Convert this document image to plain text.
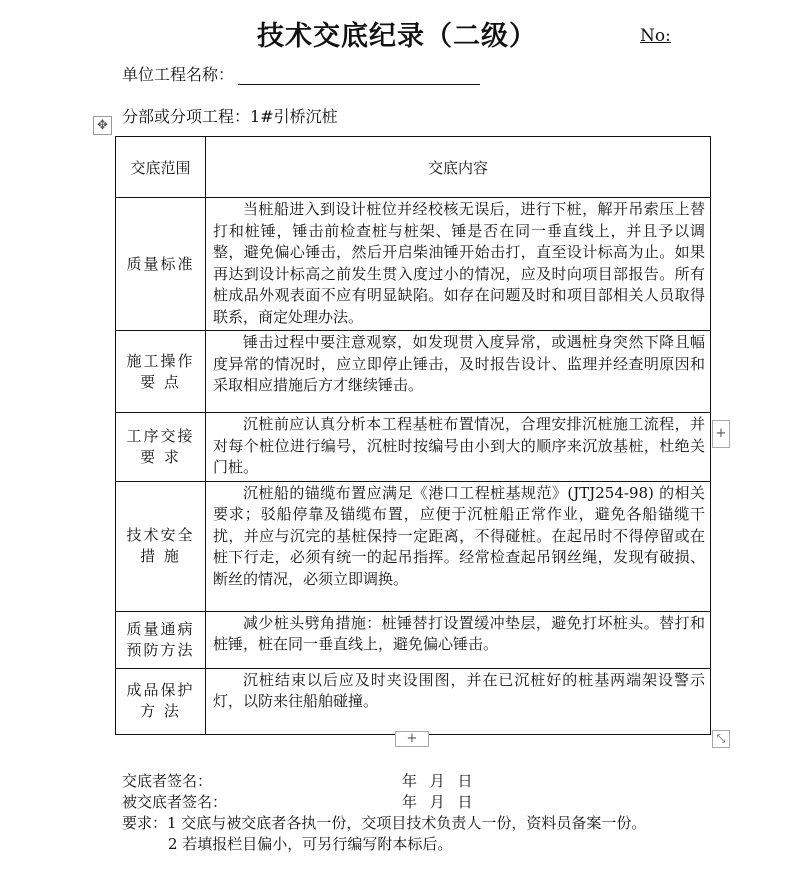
技术交底纪录（二级）	No:
单位工程名称：
分部或分项工程：1#引桥沉桩
✥
交底范围	交底内容
质量标准	当桩船进入到设计桩位并经校核无误后，进行下桩，解开吊索压上替打和桩锤，锤击前检查桩与桩架、锤是否在同一垂直线上，并且予以调整，避免偏心锤击，然后开启柴油锤开始击打，直至设计标高为止。如果再达到设计标高之前发生贯入度过小的情况，应及时向项目部报告。所有桩成品外观表面不应有明显缺陷。如存在问题及时和项目部相关人员取得联系，商定处理办法。
施工操作要 点	锤击过程中要注意观察，如发现贯入度异常，或遇桩身突然下降且幅度异常的情况时，应立即停止锤击，及时报告设计、监理并经查明原因和采取相应措施后方才继续锤击。
工序交接要 求	沉桩前应认真分析本工程基桩布置情况，合理安排沉桩施工流程，并对每个桩位进行编号，沉桩时按编号由小到大的顺序来沉放基桩，杜绝关门桩。
技术安全措 施	沉桩船的锚缆布置应满足《港口工程桩基规范》(JTJ254-98) 的相关要求；驳船停靠及锚缆布置，应便于沉桩船正常作业，避免各船锚缆干扰，并应与沉完的基桩保持一定距离，不得碰桩。在起吊时不得停留或在桩下行走，必须有统一的起吊指挥。经常检查起吊钢丝绳，发现有破损、断丝的情况，必须立即调换。
质量通病预防方法	减少桩头劈角措施：桩锤替打设置缓冲垫层，避免打坏桩头。替打和桩锤，桩在同一垂直线上，避免偏心锤击。
成品保护方 法	沉桩结束以后应及时夹设围图，并在已沉桩好的桩基两端架设警示灯，以防来往船舶碰撞。
+
+	⤡
交底者签名：	年 月 日
被交底者签名：	年 月 日
要求：1 交底与被交底者各执一份，交项目技术负责人一份，资料员备案一份。
2 若填报栏目偏小，可另行编写附本标后。
